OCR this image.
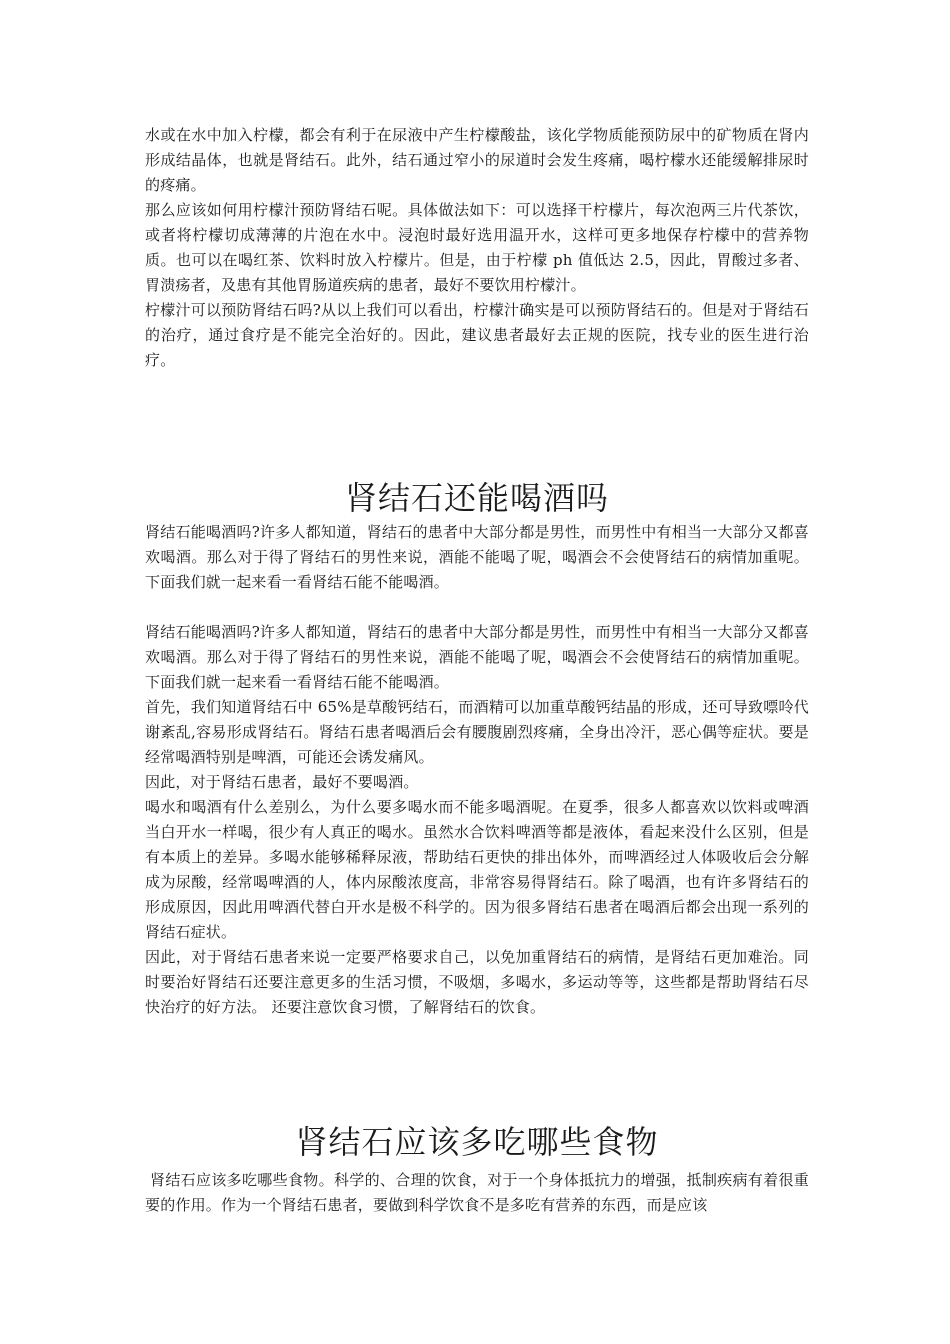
水或在水中加入柠檬，都会有利于在尿液中产生柠檬酸盐，该化学物质能预防尿中的矿物质在肾内形成结晶体，也就是肾结石。此外，结石通过窄小的尿道时会发生疼痛，喝柠檬水还能缓解排尿时的疼痛。

那么应该如何用柠檬汁预防肾结石呢。具体做法如下：可以选择干柠檬片，每次泡两三片代茶饮，或者将柠檬切成薄薄的片泡在水中。浸泡时最好选用温开水，这样可更多地保存柠檬中的营养物质。也可以在喝红茶、饮料时放入柠檬片。但是，由于柠檬 ph 值低达 2.5，因此，胃酸过多者、胃溃疡者，及患有其他胃肠道疾病的患者，最好不要饮用柠檬汁。

柠檬汁可以预防肾结石吗?从以上我们可以看出，柠檬汁确实是可以预防肾结石的。但是对于肾结石的治疗，通过食疗是不能完全治好的。因此，建议患者最好去正规的医院，找专业的医生进行治疗。

肾结石还能喝酒吗

肾结石能喝酒吗?许多人都知道，肾结石的患者中大部分都是男性，而男性中有相当一大部分又都喜欢喝酒。那么对于得了肾结石的男性来说，酒能不能喝了呢，喝酒会不会使肾结石的病情加重呢。下面我们就一起来看一看肾结石能不能喝酒。

肾结石能喝酒吗?许多人都知道，肾结石的患者中大部分都是男性，而男性中有相当一大部分又都喜欢喝酒。那么对于得了肾结石的男性来说，酒能不能喝了呢，喝酒会不会使肾结石的病情加重呢。下面我们就一起来看一看肾结石能不能喝酒。

首先，我们知道肾结石中 65%是草酸钙结石，而酒精可以加重草酸钙结晶的形成，还可导致嘌呤代谢紊乱,容易形成肾结石。肾结石患者喝酒后会有腰腹剧烈疼痛，全身出冷汗，恶心偶等症状。要是经常喝酒特别是啤酒，可能还会诱发痛风。

因此，对于肾结石患者，最好不要喝酒。

喝水和喝酒有什么差别么，为什么要多喝水而不能多喝酒呢。在夏季，很多人都喜欢以饮料或啤酒当白开水一样喝，很少有人真正的喝水。虽然水合饮料啤酒等都是液体，看起来没什么区别，但是有本质上的差异。多喝水能够稀释尿液，帮助结石更快的排出体外，而啤酒经过人体吸收后会分解成为尿酸，经常喝啤酒的人，体内尿酸浓度高，非常容易得肾结石。除了喝酒，也有许多肾结石的形成原因，因此用啤酒代替白开水是极不科学的。因为很多肾结石患者在喝酒后都会出现一系列的肾结石症状。

因此，对于肾结石患者来说一定要严格要求自己，以免加重肾结石的病情，是肾结石更加难治。同时要治好肾结石还要注意更多的生活习惯，不吸烟，多喝水，多运动等等，这些都是帮助肾结石尽快治疗的好方法。 还要注意饮食习惯，了解肾结石的饮食。

肾结石应该多吃哪些食物

肾结石应该多吃哪些食物。科学的、合理的饮食，对于一个身体抵抗力的增强，抵制疾病有着很重要的作用。作为一个肾结石患者，要做到科学饮食不是多吃有营养的东西，而是应该
